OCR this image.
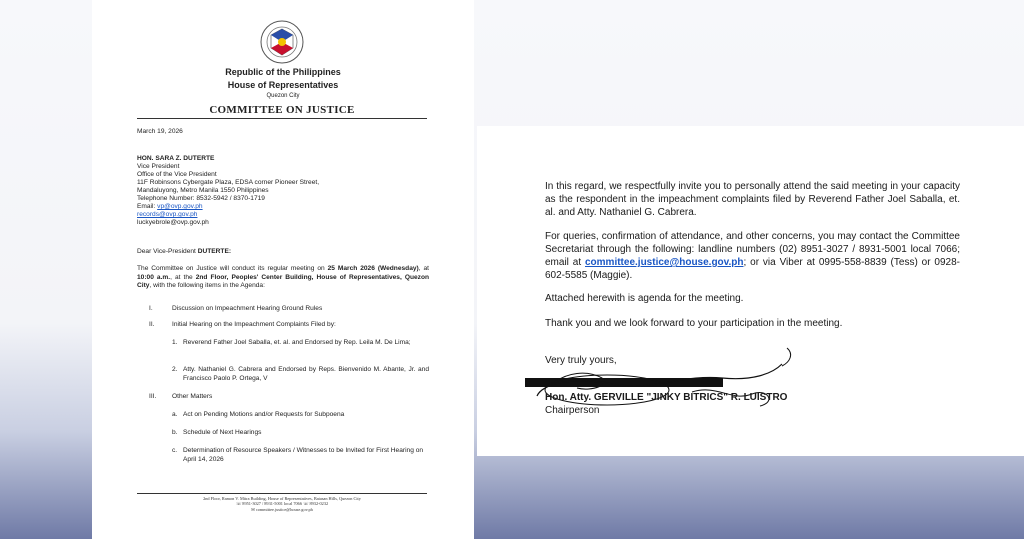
Republic of the Philippines
House of Representatives
Quezon City
COMMITTEE ON JUSTICE
March 19, 2026
HON. SARA Z. DUTERTE
Vice President
Office of the Vice President
11F Robinsons Cybergate Plaza, EDSA corner Pioneer Street,
Mandaluyong, Metro Manila 1550 Philippines
Telephone Number: 8532-5942 / 8370-1719
Email: vp@ovp.gov.ph
records@ovp.gov.ph
luckyebrole@ovp.gov.ph
Dear Vice-President DUTERTE:
The Committee on Justice will conduct its regular meeting on 25 March 2026 (Wednesday), at 10:00 a.m., at the 2nd Floor, Peoples' Center Building, House of Representatives, Quezon City, with the following items in the Agenda:
I.	Discussion on Impeachment Hearing Ground Rules
II.	Initial Hearing on the Impeachment Complaints Filed by:
1. Reverend Father Joel Saballa, et. al. and Endorsed by Rep. Leila M. De Lima;
2. Atty. Nathaniel G. Cabrera and Endorsed by Reps. Bienvenido M. Abante, Jr. and Francisco Paolo P. Ortega, V
III. Other Matters
a. Act on Pending Motions and/or Requests for Subpoena
b. Schedule of Next Hearings
c. Determination of Resource Speakers / Witnesses to be Invited for First Hearing on April 14, 2026
2nd Floor, Ramon V. Mitra Building, House of Representatives, Batasan Hills, Quezon City
☏ 8951-3027 / 8931-5001 local 7066 ☏ 8932-0232
✉ committee.justice@house.gov.ph
In this regard, we respectfully invite you to personally attend the said meeting in your capacity as the respondent in the impeachment complaints filed by Reverend Father Joel Saballa, et. al. and Atty. Nathaniel G. Cabrera.
For queries, confirmation of attendance, and other concerns, you may contact the Committee Secretariat through the following: landline numbers (02) 8951-3027 / 8931-5001 local 7066; email at committee.justice@house.gov.ph; or via Viber at 0995-558-8839 (Tess) or 0928-602-5585 (Maggie).
Attached herewith is agenda for the meeting.
Thank you and we look forward to your participation in the meeting.
Very truly yours,
Hon. Atty. GERVILLE "JINKY BITRICS" R. LUISTRO
Chairperson
